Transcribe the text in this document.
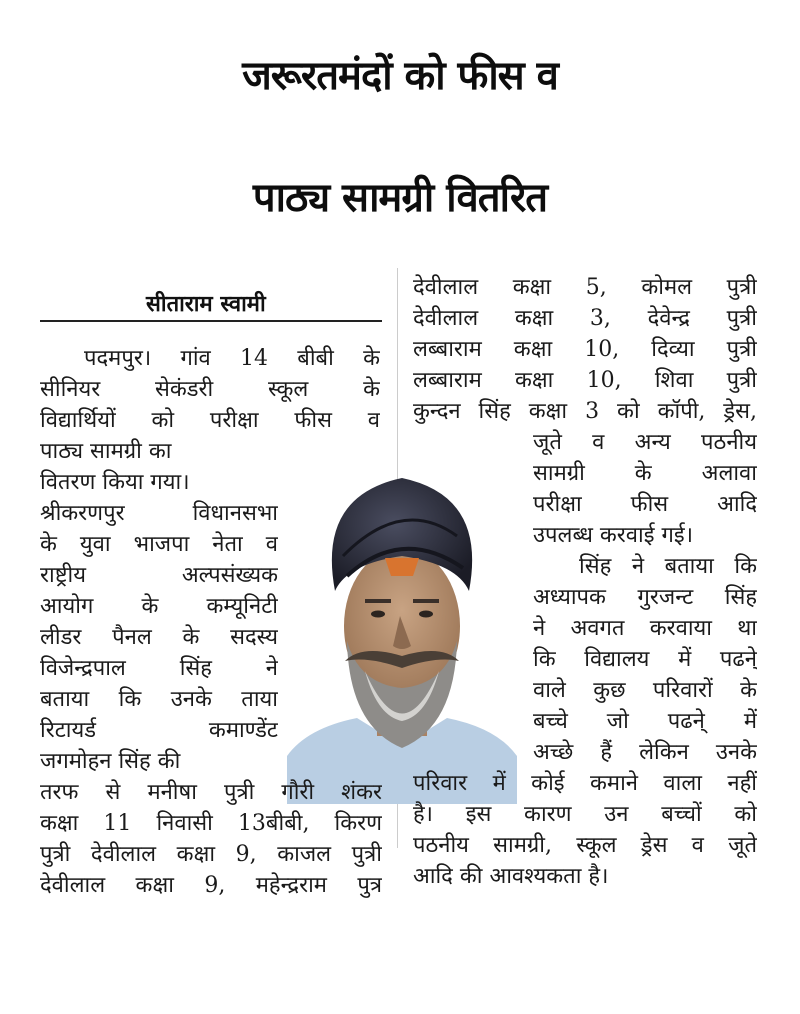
जरूरतमंदों को फीस व
पाठ्य सामग्री वितरित
सीताराम स्वामी
पदमपुर। गांव 14 बीबी के
सीनियर सेकंडरी स्कूल के
विद्यार्थियों को परीक्षा फीस व
पाठ्य सामग्री का
वितरण किया गया।
श्रीकरणपुर विधानसभा
के युवा भाजपा नेता व
राष्ट्रीय अल्पसंख्यक
आयोग के कम्यूनिटी
लीडर पैनल के सदस्य
विजेन्द्रपाल सिंह ने
बताया कि उनके ताया
रिटायर्ड कमाण्डेंट
जगमोहन सिंह की
तरफ से मनीषा पुत्री गौरी शंकर
कक्षा 11 निवासी 13बीबी, किरण
पुत्री देवीलाल कक्षा 9, काजल पुत्री
देवीलाल कक्षा 9, महेन्द्रराम पुत्र
देवीलाल कक्षा 5, कोमल पुत्री
देवीलाल कक्षा 3, देवेन्द्र पुत्री
लब्बाराम कक्षा 10, दिव्या पुत्री
लब्बाराम कक्षा 10, शिवा पुत्री
कुन्दन सिंह कक्षा 3 को कॉपी, ड्रेस,
जूते व अन्य पठनीय
सामग्री के अलावा
परीक्षा फीस आदि
उपलब्ध करवाई गई।
सिंह ने बताया कि
अध्यापक गुरजन्ट सिंह
ने अवगत करवाया था
कि विद्यालय में पढने्
वाले कुछ परिवारों के
बच्चे जो पढने् में
अच्छे हैं लेकिन उनके
परिवार में कोई कमाने वाला नहीं
है। इस कारण उन बच्चों को
पठनीय सामग्री, स्कूल ड्रेस व जूते
आदि की आवश्यकता है।
